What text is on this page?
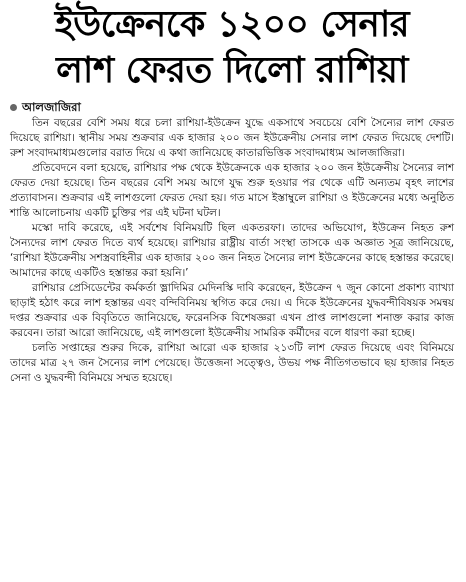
ইউক্রেনকে ১২০০ সেনার
লাশ ফেরত দিলো রাশিয়া
আলজাজিরা

তিন বছরের বেশি সময় ধরে চলা রাশিয়া-ইউক্রেন যুদ্ধে একসাথে সবচেয়ে বেশি সৈন্যের লাশ ফেরত দিয়েছে রাশিয়া। স্থানীয় সময় শুক্রবার এক হাজার ২০০ জন ইউক্রেনীয় সেনার লাশ ফেরত দিয়েছে দেশটি। রুশ সংবাদমাধ্যমগুলোর বরাত দিয়ে এ কথা জানিয়েছে কাতারভিত্তিক সংবাদমাধ্যম আলজাজিরা।

প্রতিবেদনে বলা হয়েছে, রাশিয়ার পক্ষ থেকে ইউক্রেনকে এক হাজার ২০০ জন ইউক্রেনীয় সৈন্যের লাশ ফেরত দেয়া হয়েছে। তিন বছরের বেশি সময় আগে যুদ্ধ শুরু হওয়ার পর থেকে এটি অন্যতম বৃহৎ লাশের প্রত্যাবাসন। শুক্রবার এই লাশগুলো ফেরত দেয়া হয়। গত মাসে ইস্তাম্বুলে রাশিয়া ও ইউক্রেনের মধ্যে অনুষ্ঠিত শান্তি আলোচনায় একটি চুক্তির পর এই ঘটনা ঘটল।

মস্কো দাবি করেছে, এই সর্বশেষ বিনিময়টি ছিল একতরফা। তাদের অভিযোগ, ইউক্রেন নিহত রুশ সৈন্যদের লাশ ফেরত দিতে ব্যর্থ হয়েছে। রাশিয়ার রাষ্ট্রীয় বার্তা সংস্থা তাসকে এক অজ্ঞাত সূত্র জানিয়েছে, ‘রাশিয়া ইউক্রেনীয় সশস্ত্রবাহিনীর এক হাজার ২০০ জন নিহত সৈন্যের লাশ ইউক্রেনের কাছে হস্তান্তর করেছে। আমাদের কাছে একটিও হস্তান্তর করা হয়নি।’

রাশিয়ার প্রেসিডেন্টের কর্মকর্তা ভ্লাদিমির মেদিনস্কি দাবি করেছেন, ইউক্রেন ৭ জুন কোনো প্রকাশ্য ব্যাখ্যা ছাড়াই হঠাৎ করে লাশ হস্তান্তর এবং বন্দিবিনিময় স্থগিত করে দেয়। এ দিকে ইউক্রেনের যুদ্ধবন্দীবিষয়ক সমন্বয় দপ্তর শুক্রবার এক বিবৃতিতে জানিয়েছে, ফরেনসিক বিশেষজ্ঞরা এখন প্রাপ্ত লাশগুলো শনাক্ত করার কাজ করবেন। তারা আরো জানিয়েছে, এই লাশগুলো ইউক্রেনীয় সামরিক কর্মীদের বলে ধারণা করা হচ্ছে।

চলতি সপ্তাহের শুরুর দিকে, রাশিয়া আরো এক হাজার ২১৩টি লাশ ফেরত দিয়েছে এবং বিনিময়ে তাদের মাত্র ২৭ জন সৈন্যের লাশ পেয়েছে। উত্তেজনা সত্ত্বেও, উভয় পক্ষ নীতিগতভাবে ছয় হাজার নিহত সেনা ও যুদ্ধবন্দী বিনিময়ে সম্মত হয়েছে।
